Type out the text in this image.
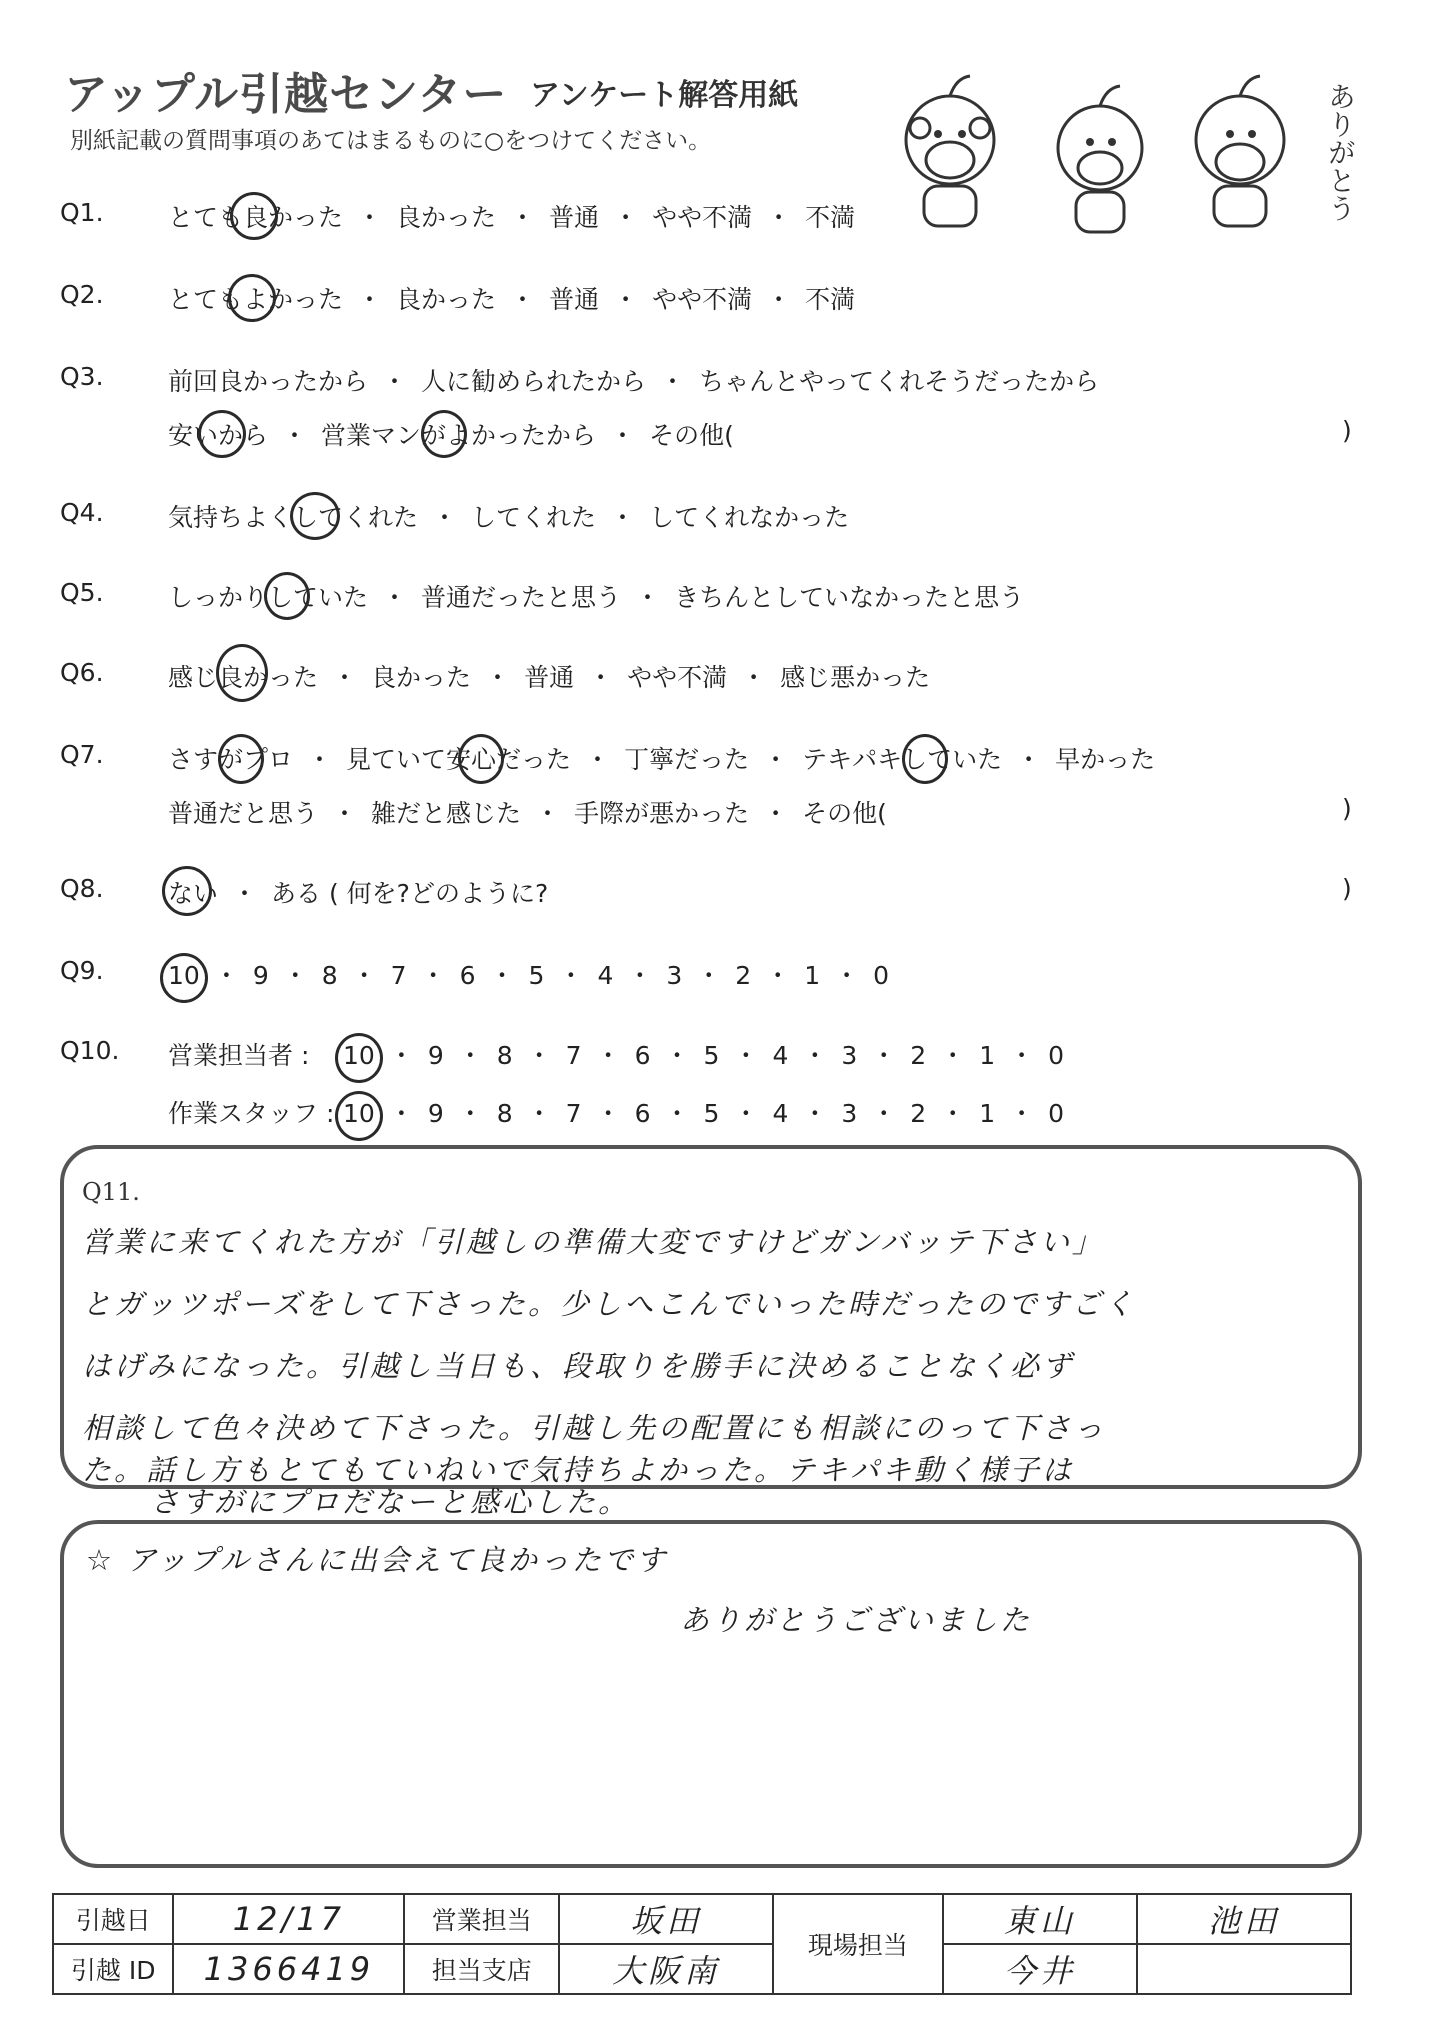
アップル引越センター アンケート解答用紙
別紙記載の質問事項のあてはまるものに○をつけてください。	ありがとう
Q1.	とても良かった ・ 良かった ・ 普通 ・ やや不満 ・ 不満
Q2.	とてもよかった ・ 良かった ・ 普通 ・ やや不満 ・ 不満
Q3.	前回良かったから ・ 人に勧められたから ・ ちゃんとやってくれそうだったから
安いから ・ 営業マンがよかったから ・ その他(	)
Q4.	気持ちよくしてくれた ・ してくれた ・ してくれなかった
Q5.	しっかりしていた ・ 普通だったと思う ・ きちんとしていなかったと思う
Q6.	感じ良かった ・ 良かった ・ 普通 ・ やや不満 ・ 感じ悪かった
Q7.	さすがプロ ・ 見ていて安心だった ・ 丁寧だった ・ テキパキしていた ・ 早かった
普通だと思う ・ 雑だと感じた ・ 手際が悪かった ・ その他(	)
Q8.	ない ・ ある ( 何を?どのように?	)
Q9.	10 ・ 9 ・ 8 ・ 7 ・ 6 ・ 5 ・ 4 ・ 3 ・ 2 ・ 1 ・ 0
Q10.	営業担当者 : 10 ・ 9 ・ 8 ・ 7 ・ 6 ・ 5 ・ 4 ・ 3 ・ 2 ・ 1 ・ 0
作業スタッフ : 10 ・ 9 ・ 8 ・ 7 ・ 6 ・ 5 ・ 4 ・ 3 ・ 2 ・ 1 ・ 0
Q11.
営業に来てくれた方が「引越しの準備大変ですけどガンバッテ下さい」
とガッツポーズをして下さった。少しへこんでいった時だったのですごく
はげみになった。引越し当日も、段取りを勝手に決めることなく必ず
相談して色々決めて下さった。引越し先の配置にも相談にのって下さっ
た。話し方もとてもていねいで気持ちよかった。テキパキ動く様子は
さすがにプロだなーと感心した。
☆ アップルさんに出会えて良かったです
ありがとうございました
引越日	12/17	営業担当	坂田	現場担当	東山	池田
引越 ID	1366419	担当支店	大阪南		今井	
